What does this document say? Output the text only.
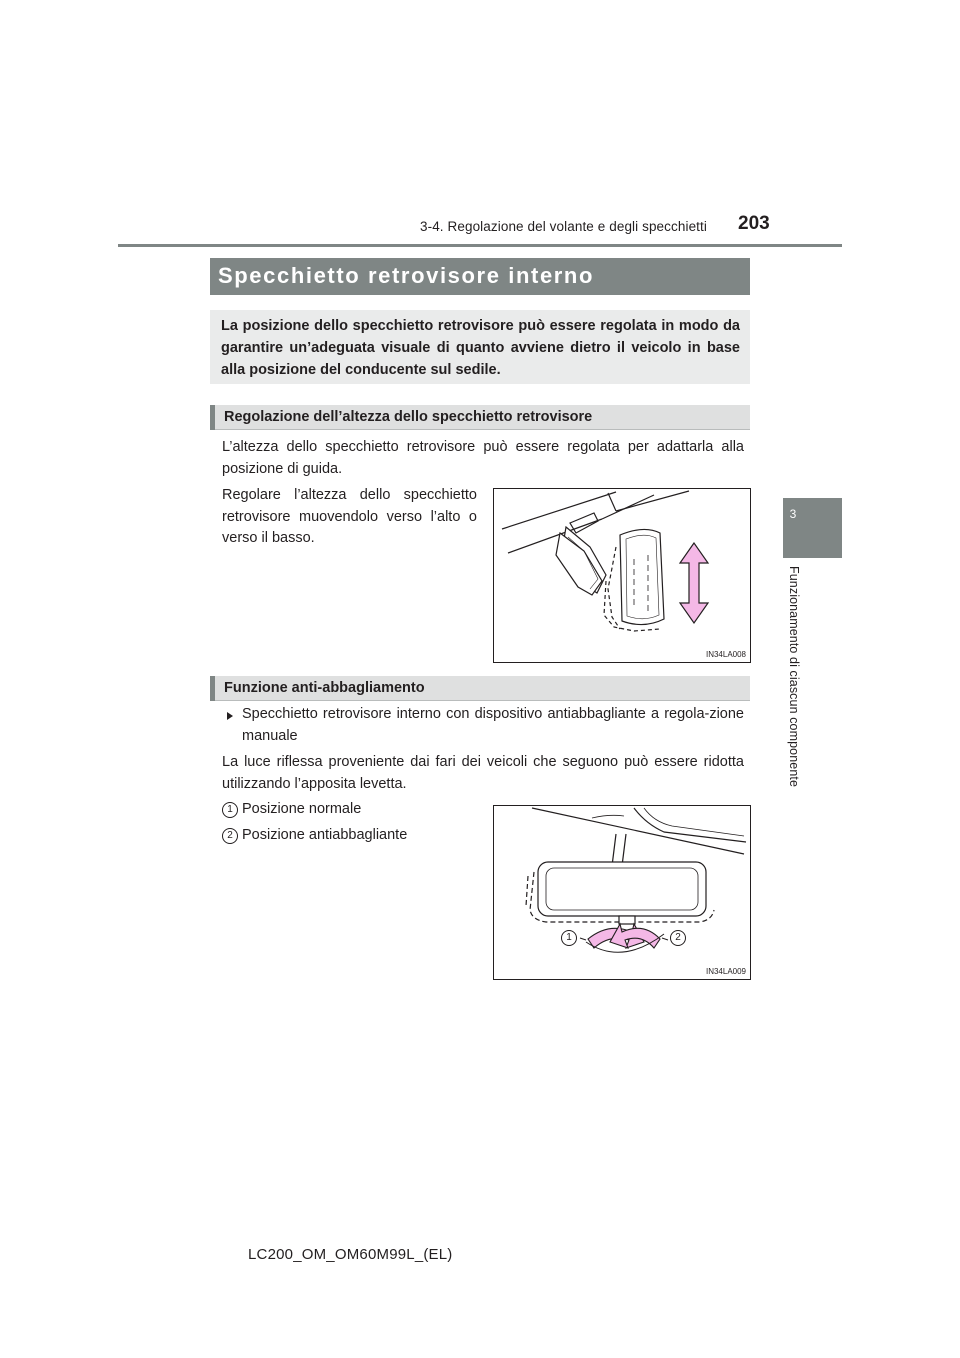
3-4. Regolazione del volante e degli specchietti 203
3
Funzionamento di ciascun componente
Specchietto retrovisore interno
La posizione dello specchietto retrovisore può essere regolata in modo da garantire un’adeguata visuale di quanto avviene dietro il veicolo in base alla posizione del conducente sul sedile.
Regolazione dell’altezza dello specchietto retrovisore
L’altezza dello specchietto retrovisore può essere regolata per adattarla alla posizione di guida.
Regolare l’altezza dello specchietto retrovisore muovendolo verso l’alto o verso il basso.
IN34LA008
Funzione anti-abbagliamento
Specchietto retrovisore interno con dispositivo antiabbagliante a regola-zione manuale
La luce riflessa proveniente dai fari dei veicoli che seguono può essere ridotta utilizzando l’apposita levetta.
1 Posizione normale
2 Posizione antiabbagliante
1	2
IN34LA009
LC200_OM_OM60M99L_(EL)
